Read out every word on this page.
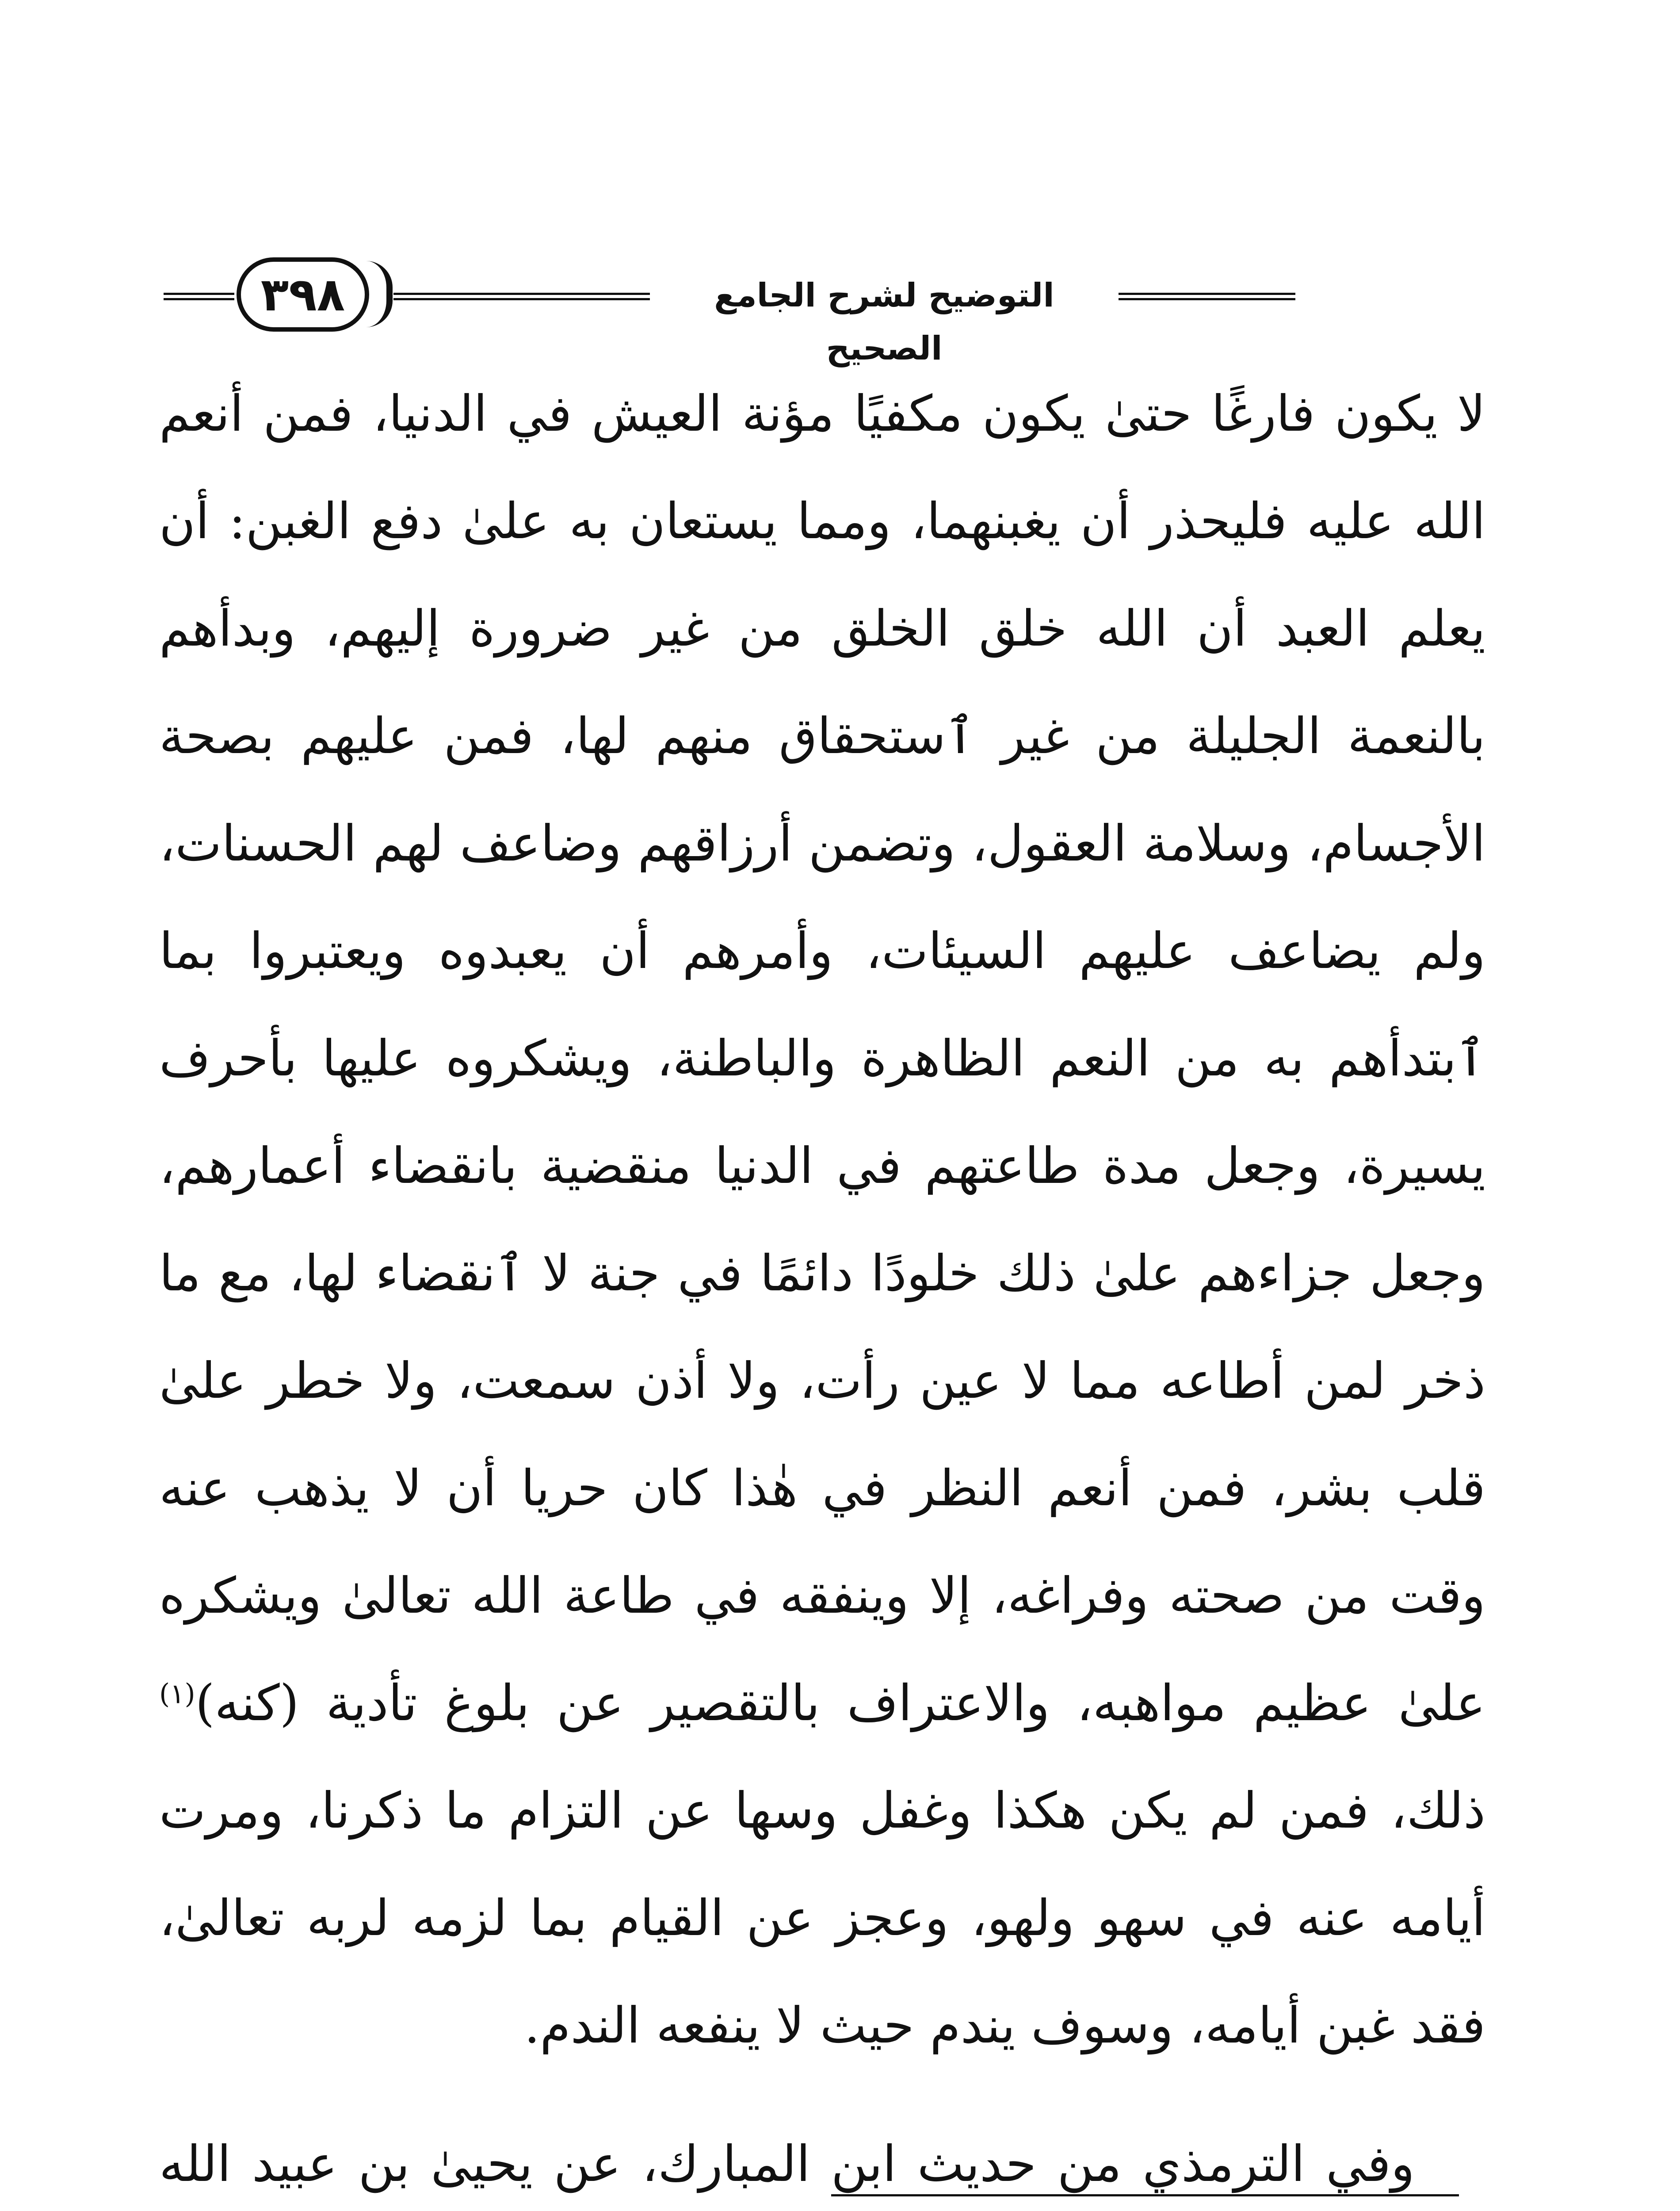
٣٩٨	التوضيح لشرح الجامع الصحيح

لا يكون فارغًا حتىٰ يكون مكفيًا مؤنة العيش في الدنيا، فمن أنعم الله عليه فليحذر أن يغبنهما، ومما يستعان به علىٰ دفع الغبن: أن يعلم العبد أن الله خلق الخلق من غير ضرورة إليهم، وبدأهم بالنعمة الجليلة من غير ٱستحقاق منهم لها، فمن عليهم بصحة الأجسام، وسلامة العقول، وتضمن أرزاقهم وضاعف لهم الحسنات، ولم يضاعف عليهم السيئات، وأمرهم أن يعبدوه ويعتبروا بما ٱبتدأهم به من النعم الظاهرة والباطنة، ويشكروه عليها بأحرف يسيرة، وجعل مدة طاعتهم في الدنيا منقضية بانقضاء أعمارهم، وجعل جزاءهم علىٰ ذلك خلودًا دائمًا في جنة لا ٱنقضاء لها، مع ما ذخر لمن أطاعه مما لا عين رأت، ولا أذن سمعت، ولا خطر علىٰ قلب بشر، فمن أنعم النظر في هٰذا كان حريا أن لا يذهب عنه وقت من صحته وفراغه، إلا وينفقه في طاعة الله تعالىٰ ويشكره علىٰ عظيم مواهبه، والاعتراف بالتقصير عن بلوغ تأدية (كنه)$^{(١)}$ ذلك، فمن لم يكن هكذا وغفل وسها عن التزام ما ذكرنا، ومرت أيامه عنه في سهو ولهو، وعجز عن القيام بما لزمه لربه تعالىٰ، فقد غبن أيامه، وسوف يندم حيث لا ينفعه الندم.

وفي الترمذي من حديث ابن المبارك، عن يحيىٰ بن عبيد الله
